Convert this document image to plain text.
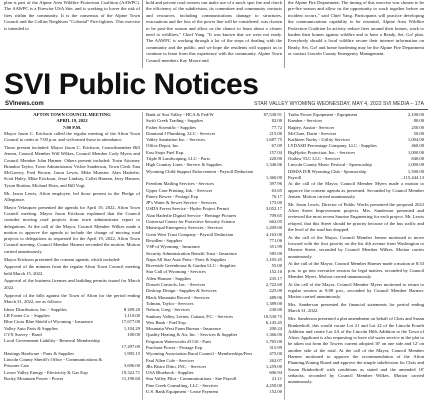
plan is part of the Alpine Area Wildfire Protection Coalition (AAWPC). The AAWPC is a Firewise USA Site, and is working to lower the risk of fires within the community. It is the consensus of the Alpine Town Council and the Collins Neighbors "Colonial" Fire-fighters. This exercise is intended to
hold and private road owners can make use of a mock spot fire and check the efficiency of the subdivision, its committee and community contacts and resources, including communications damage to structures, evacuations and the loss of the power line will be considered. was chosen to be post-fire season and allow us the chance to learn about a clearer need to wildfires," Chief Yang. "It was known that we were not ready. The AAWPC is working through a lot of the steps of dealing with the community and the public, and we hope the residents will support us to continue to learn from this experience with the community. Alpine Town Council members Kay Moore and
the Alpine Fire Department. The timing of this exercise was chosen to be pre-fire season and allow us the opportunity to work together before an incident occurs," said Chief Yang. Participants will practice developing the communications capability to be essential, Alpine Area Wildfire Protection Coalition In activity reduce fires around their homes, work to harden their homes against wildfire and to have a Ready, Set, Go! plan. Everybody should a local wildfire secure their internet information on Ready, Set, Go! and home hardening may be the Alpine Fire Department or contact Lincoln County Emergency Management.
SVI Public Notices
SVInews.com	STAR VALLEY WYOMING WEDNESDAY, MAY 4, 2022 SVI MEDIA – 17A
AFTON TOWN COUNCIL MEETING
APRIL 19, 2022
7:00 P.M.
Mayor Jason C. Erickson called the regular meeting of the Afton Town Council to order at 7:00 p.m. and welcomed those in attendance.
Those present included: Mayor Jason C. Erickson, Councilmember Bill Jensen, Council Member Will Wilkes, Council Member Cody Myers and Council Member John Harmer. Others present included: Town Attorney Brandon Taylor, Town Administrator Vickie Sanderson, Town Clerk Tina McGarvey, Fred Brown, Jason Lewis, Mike Munster, Alan Haderlie, Scott Haley, Mike Erickson, Jesse Lindsay, Collet Hansen, Jerry Hansen, Tyson Bratina, Michael Horn, and Bill Vogt.
Mr. Jason Lewis, Afton employee, led those present in the Pledge of Allegiance.
Mayor Velasquez presented the agenda for April 19, 2022, Afton Town Council meeting. Mayor Jason Erickson explained that the Council consider moving road projects from town administrator report to delegations. At the call of the Mayor, Council Member Wilkes made a motion to approve the agenda to include the change of moving road projects to delegations as requested for the April 19, 2022, Afton Town Council meeting. Council Member Harmer seconded the motion. Motion carried unanimously.
Mayor Erickson presented the consent agenda, which included:
Approval of the minutes from the regular Afton Town Council meeting held March 15, 2022.
Approval of the business licenses and building permits issued for March 2022.
Approval of the bills against the Town of Afton for the period ending March 31, 2022, are as follows:
Idexx Distribution, Inc. - Supplies	$ 209.20
LB Foster Co. - Supplies	1,110.00
Blue Cross Blue Shield of Wyoming - Insurance	17,677.00
Valley Auto Parts & Supplies	1,104.29
CVX Survey - Bond	100.00
Local Government Liability - Renewal Membership
17,297.00
Hastings Hardware - Parts & Supplies	1,995.15
Lincoln County Sheriff's Office - Communications &
Prisoner Care	3,696.00
Lower Valley Energy - Electricity & Gas Exp	19,322.71
Rocky Mountain Power - Power	11,190.60
Bank of Star Valley - HCA & Fed/W	87,530.91
Swift Creek Trading - Supplies	82.00
Fisher Scientific - Supplies	77.72
Diamond J Plumbing, LLC - Services	215.00
Valley Sanitation Inc. - Services	1,687.75
Office Depot, Inc.	67.09
East Stops Fuel Exp.	157.04
Triple R Landscaping, LLC - Parts	220.00
High Country Lines - Service & Supplies	1,346.06
Wyoming Child Support Enforcement - Payroll Deduction
1,360.00
Freedom Mailing Services - Services	397.96
Upper Case Printing, Ink. - Services	63.65
Pitney Bowes - Postage Exp	76.17
JP's Water & Sewer Service - Services	175.00
USDA Forest Service - Hydro Project Permit	3,052.17
Alan Haderlie Digital Service - Heritage Pictures	709.65
Universal Center for Protective Security Science	662.05
Municipal Emergency Services - Services	1,209.00
Great West Trust Company - Payroll Deduction	4,163.00
Bowdlen - Supplies	771.06
VSP of Wyoming - Insurance	351.99
Security Administration Benefit Trust - Insurance	585.00
Napa All Star Auto Parts - Parts & Supplies	1,105.45
Riverside Greenhouse & Garden LLC - Supplies	55.00
Star Call of Wyoming - Services	152.10
Allen Hanson - Supplies	235.17
Dossett Controls, Inc. - Services	2,722.60
Desktop Design - Supplies & Services	225.00
Black Mountain Record - Services	489.96
Tolman, Taylor - Services	1,389.00
Nelson, Greg - Services	230.00
Sunbury Valley, Lerner, Cattani, P.C. - Services	10,530.75
Wex Bank - Fuel Exp.	6,145.45
Mountain West Farm Bureau - Insurance	200.24
Quality Heating & Air, Inc. - Services & Supplies	1,366.00
Ferguson Waterworks #1116 - Parts	1,765.00
Purchase Power - Postage Exp.	315.99
Wyoming Association Rural Council - Memberships/Fees	475.00
Paul Allen Cole - Services	262.07
JRs Bistro Ditto, INC. - Services	1,259.00
USA Bluebook - Supplies	606.94
Star Valley Pilot - Communications - Sue Payroll	21.11
Pine Creek Consulting, LLC - Services	4,250.00
U.S. Bank Equipment - Lease Payment	152.00
Turbo Power Equipment - Equipment	2,100.00
Kamber - Services	80.00
Bagley, Austin - Services	250.00
McClure, Darin - Services	50.00
Kathleen Norby - Utility Services	1,004.00
LYDASD Percentage Company, LLC - Supplies	460.00
BigHydro Protection, Inc. - Services	1,000.00
Outlaw TLC LLC - Services	840.00
Lincoln County Music Festival - Sponsorship	1,000.00
IDSDA D/B Wyoming Club - Sponsorship	1,500.00
Payroll	–115,444.13
At the call of the Mayor, Council Member Myers made a motion to approve the consent agenda as presented. Seconded by Council Member Jensen. Motion carried unanimously.
Mr. Jason Lewis, Director of Public Works presented the proposed 2022 Afton Street Improvement projects. Mrs. Sanderson presented and reviewed the most recent Sunrise Engineering for each project. Mr. Lewis relayed, that this Street should be priority because of the bus traffic and the level of the road has dropped.
At the call of the Mayor, Council Member Jensen motioned to move forward with the first priority on the list 4th avenue from Washington to Monroe Street, seconded by Council Member Wilkes. Motion carries unanimously.
At the call of the Mayor, Council Member Harmer made a motion at 8:33 p.m. to go into executive session for legal matters, seconded by Council Member Myers. Motion carried unanimously.
At the call of the Mayor, Council Member Myers motioned to return to regular session at 9:08 p.m., seconded by Council Member Harmer. Motion carried unanimously.
Mrs. Sanderson presented the financial statements for period ending March 31, 2022.
Mrs. Sanderson presented a plat amendment on behalf of Chris and Susan Brinkerhoff, this would vacate Lot 21 and Lot 22 of the Lincoln Fourth Addition and create Lot 2A of the Lincoln Hills Addition to the Town of Afton. Applicant is also requesting to have old water service in the plat to be taken out from the Towers current adopted 10' on one side and 12' on another side of the total. At the call of the Mayor, Council Member Harmer motioned to approve the recommendation of the Afton Planning/Zoning Board and approve the simple subdivision for Chris and Susan Brinkerhoff with conditions as stated and the amended 10' setbacks, seconded by Council Member Wilkes. Motion carried unanimously.
